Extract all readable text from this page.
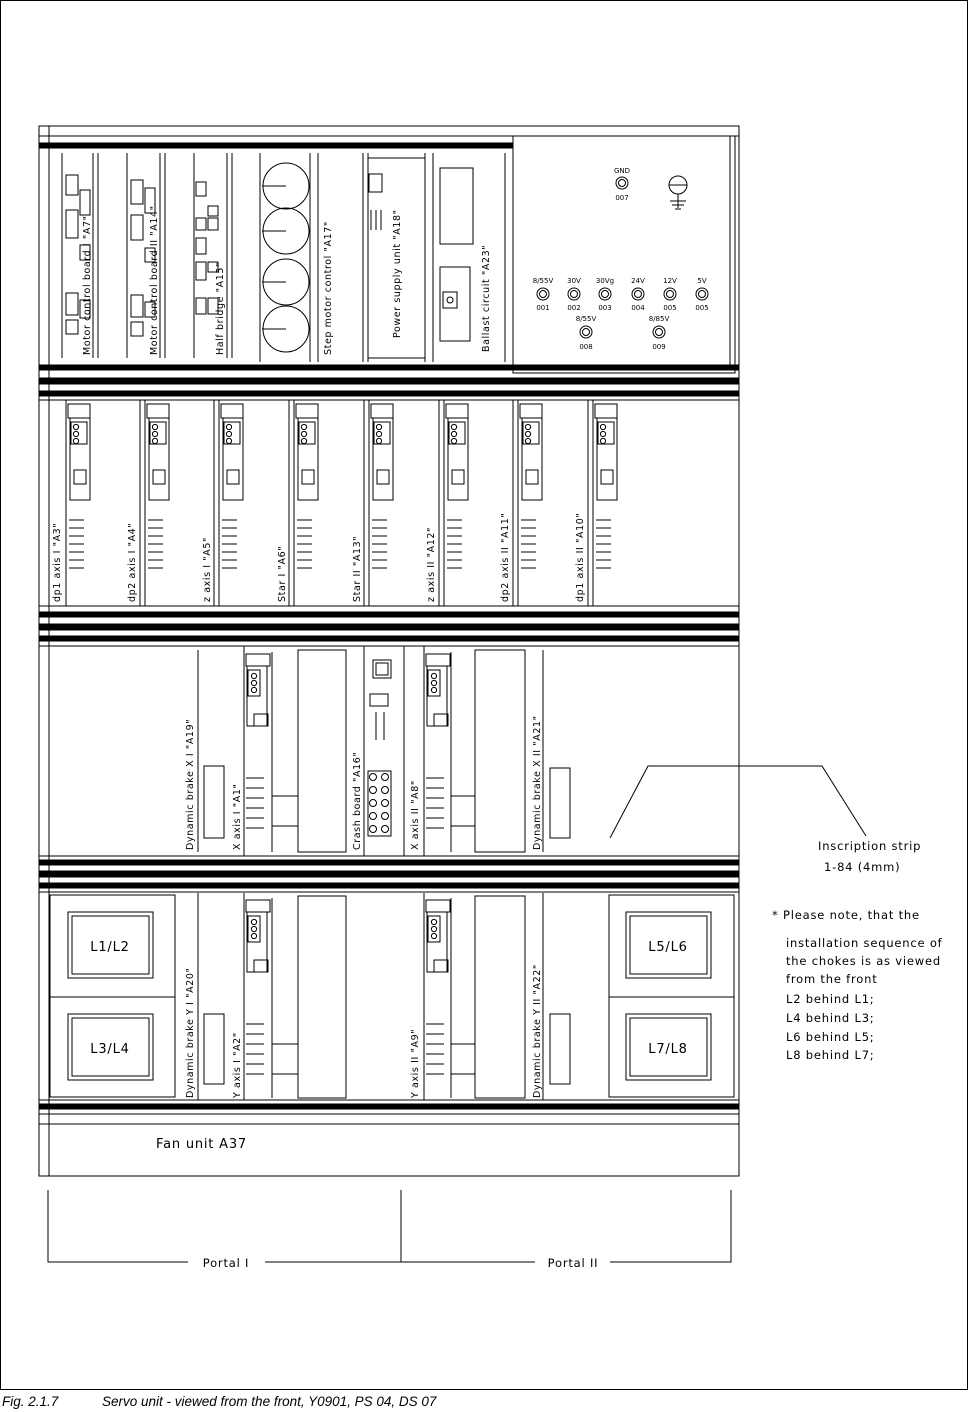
Motor control board I "A7"	Motor control board II "A14"	Half bridge "A15"	Step motor control "A17"	Power supply unit "A18"	Ballast circuit "A23"
GND
007
8/55V
001
30V
002
30Vg
003
24V
004
12V
005
5V
005
8/55V
008
8/85V
009
dp1 axis I "A3"	dp2 axis I "A4"	z axis I "A5"	Star I "A6"	Star II "A13"	z axis II "A12"	dp2 axis II "A11"	dp1 axis II "A10"
Dynamic brake X I "A19"	X axis I "A1"	Crash board "A16"	X axis II "A8"	Dynamic brake X II "A21"
Dynamic brake Y I "A20"	Y axis I "A2"	Y axis II "A9"	Dynamic brake Y II "A22"
L1/L2
L3/L4
L5/L6
L7/L8
Fan unit A37
Portal I	Portal II
Inscription strip
1-84 (4mm)
* Please note, that the
installation sequence of
the chokes is as viewed
from the front
L2 behind L1;
L4 behind L3;
L6 behind L5;
L8 behind L7;
Fig. 2.1.7	Servo unit - viewed from the front, Y0901, PS 04, DS 07
